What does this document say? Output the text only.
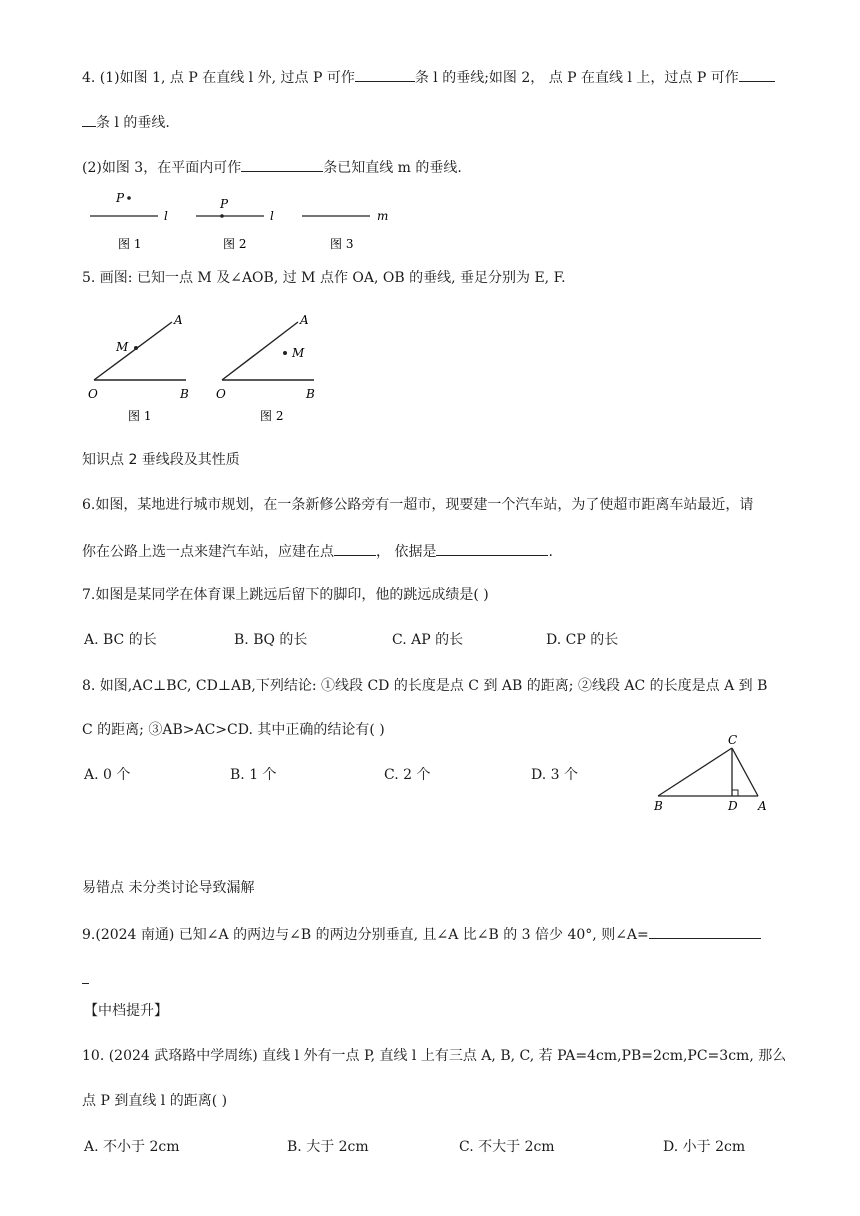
4. (1)如图 1, 点 P 在直线 l 外, 过点 P 可作	条 l 的垂线;如图 2， 点 P 在直线 l 上，过点 P 可作
条 l 的垂线.
(2)如图 3，在平面内可作	条已知直线 m 的垂线.
P
l
图 1
P
l
图 2
m
图 3
5. 画图: 已知一点 M 及∠AOB, 过 M 点作 OA, OB 的垂线, 垂足分别为 E, F.
M
A
O	B
图 1
M
A
O	B
图 2
知识点 2 垂线段及其性质
6.如图，某地进行城市规划，在一条新修公路旁有一超市，现要建一个汽车站，为了使超市距离车站最近，请
你在公路上选一点来建汽车站，应建在点	， 依据是	.
7.如图是某同学在体育课上跳远后留下的脚印，他的跳远成绩是( )
A. BC 的长	B. BQ 的长	C. AP 的长	D. CP 的长
8. 如图,AC⊥BC, CD⊥AB,下列结论: ①线段 CD 的长度是点 C 到 AB 的距离; ②线段 AC 的长度是点 A 到 B
C 的距离; ③AB>AC>CD. 其中正确的结论有( )
A. 0 个	B. 1 个	C. 2 个	D. 3 个
C
B	D A
易错点 未分类讨论导致漏解
9.(2024 南通) 已知∠A 的两边与∠B 的两边分别垂直, 且∠A 比∠B 的 3 倍少 40°, 则∠A=
【中档提升】
10. (2024 武珞路中学周练) 直线 l 外有一点 P, 直线 l 上有三点 A, B, C, 若 PA=4cm,PB=2cm,PC=3cm, 那么
点 P 到直线 l 的距离( )
A. 不小于 2cm	B. 大于 2cm	C. 不大于 2cm	D. 小于 2cm
